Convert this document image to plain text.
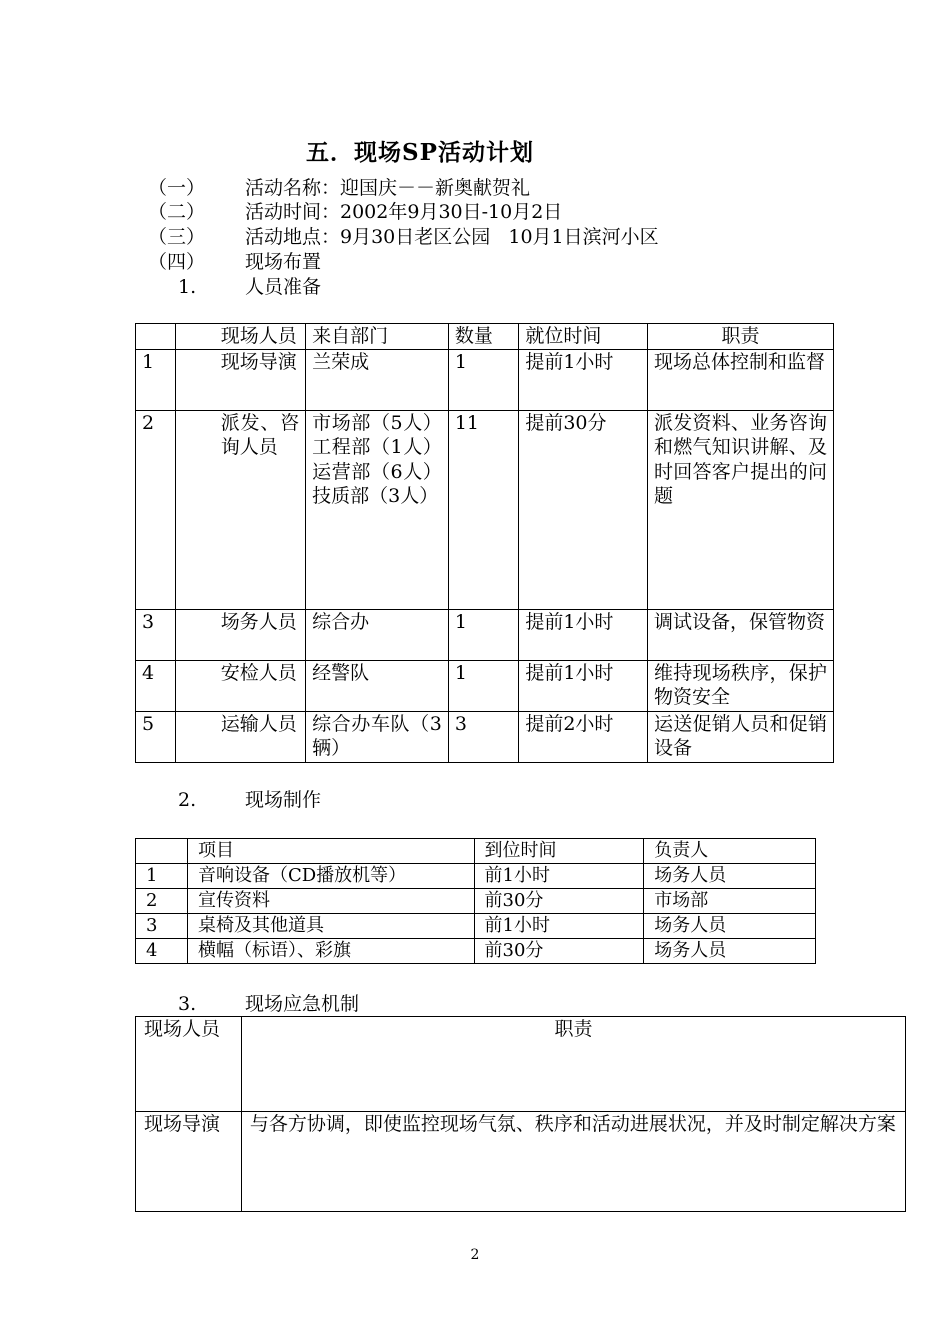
五．现场SP活动计划
（一） 活动名称：迎国庆－－新奥献贺礼
（二） 活动时间：2002年9月30日-10月2日
（三） 活动地点：9月30日老区公园   10月1日滨河小区
（四） 现场布置
1.	人员准备
	现场人员	来自部门	数量	就位时间	职责
1	现场导演	兰荣成	1	提前1小时	现场总体控制和监督
2	派发、咨询人员	市场部（5人）工程部（1人）运营部（6人）技质部（3人）	11	提前30分	派发资料、业务咨询和燃气知识讲解、及时回答客户提出的问题
3	场务人员	综合办	1	提前1小时	调试设备，保管物资
4	安检人员	经警队	1	提前1小时	维持现场秩序，保护物资安全
5	运输人员	综合办车队（3辆）	3	提前2小时	运送促销人员和促销设备
2.	现场制作
	项目	到位时间	负责人
1	音响设备（CD播放机等）	前1小时	场务人员
2	宣传资料	前30分	市场部
3	桌椅及其他道具	前1小时	场务人员
4	横幅（标语）、彩旗	前30分	场务人员
3.	现场应急机制
现场人员	职责
现场导演	与各方协调，即使监控现场气氛、秩序和活动进展状况，并及时制定解决方案
2
